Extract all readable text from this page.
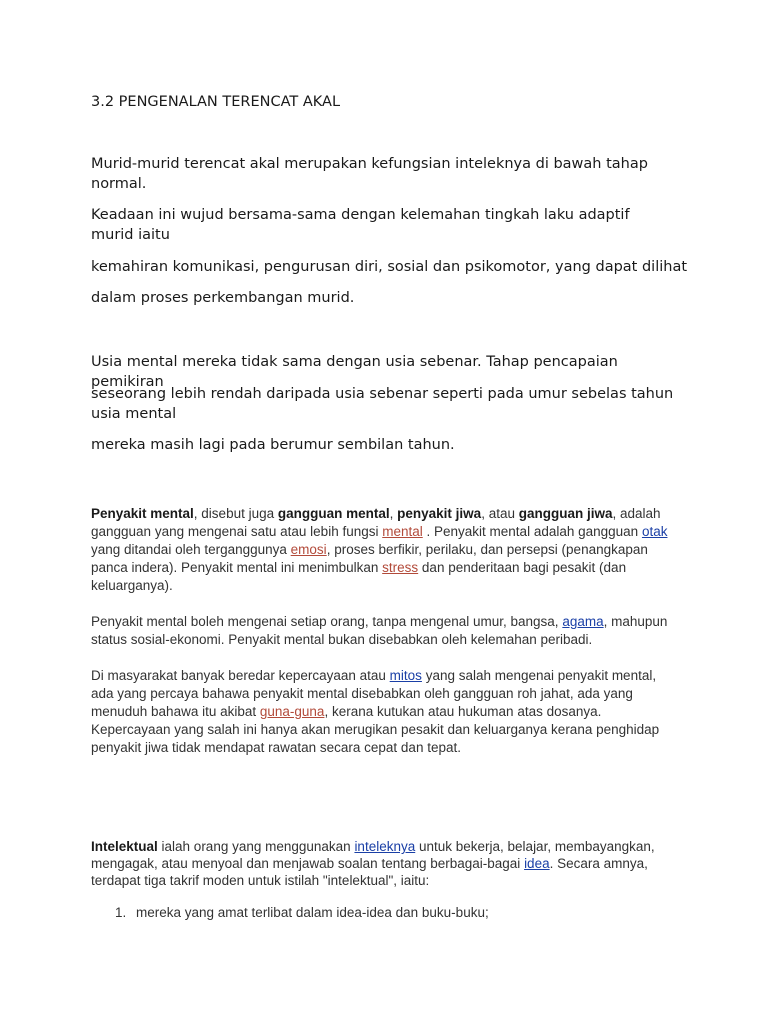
3.2 PENGENALAN TERENCAT AKAL

Murid-murid terencat akal merupakan kefungsian inteleknya di bawah tahap normal.

Keadaan ini wujud bersama-sama dengan kelemahan tingkah laku adaptif murid iaitu

kemahiran komunikasi, pengurusan diri, sosial dan psikomotor, yang dapat dilihat

dalam proses perkembangan murid.

Usia mental mereka tidak sama dengan usia sebenar. Tahap pencapaian pemikiran

seseorang lebih rendah daripada usia sebenar seperti pada umur sebelas tahun usia mental

mereka masih lagi pada berumur sembilan tahun.

Penyakit mental, disebut juga gangguan mental, penyakit jiwa, atau gangguan jiwa, adalah gangguan yang mengenai satu atau lebih fungsi mental . Penyakit mental adalah gangguan otak yang ditandai oleh terganggunya emosi, proses berfikir, perilaku, dan persepsi (penangkapan panca indera). Penyakit mental ini menimbulkan stress dan penderitaan bagi pesakit (dan keluarganya).

Penyakit mental boleh mengenai setiap orang, tanpa mengenal umur, bangsa, agama, mahupun status sosial-ekonomi. Penyakit mental bukan disebabkan oleh kelemahan peribadi.

Di masyarakat banyak beredar kepercayaan atau mitos yang salah mengenai penyakit mental, ada yang percaya bahawa penyakit mental disebabkan oleh gangguan roh jahat, ada yang menuduh bahawa itu akibat guna-guna, kerana kutukan atau hukuman atas dosanya. Kepercayaan yang salah ini hanya akan merugikan pesakit dan keluarganya kerana penghidap penyakit jiwa tidak mendapat rawatan secara cepat dan tepat.

Intelektual ialah orang yang menggunakan inteleknya untuk bekerja, belajar, membayangkan, mengagak, atau menyoal dan menjawab soalan tentang berbagai-bagai idea. Secara amnya, terdapat tiga takrif moden untuk istilah "intelektual", iaitu:

1. mereka yang amat terlibat dalam idea-idea dan buku-buku;
